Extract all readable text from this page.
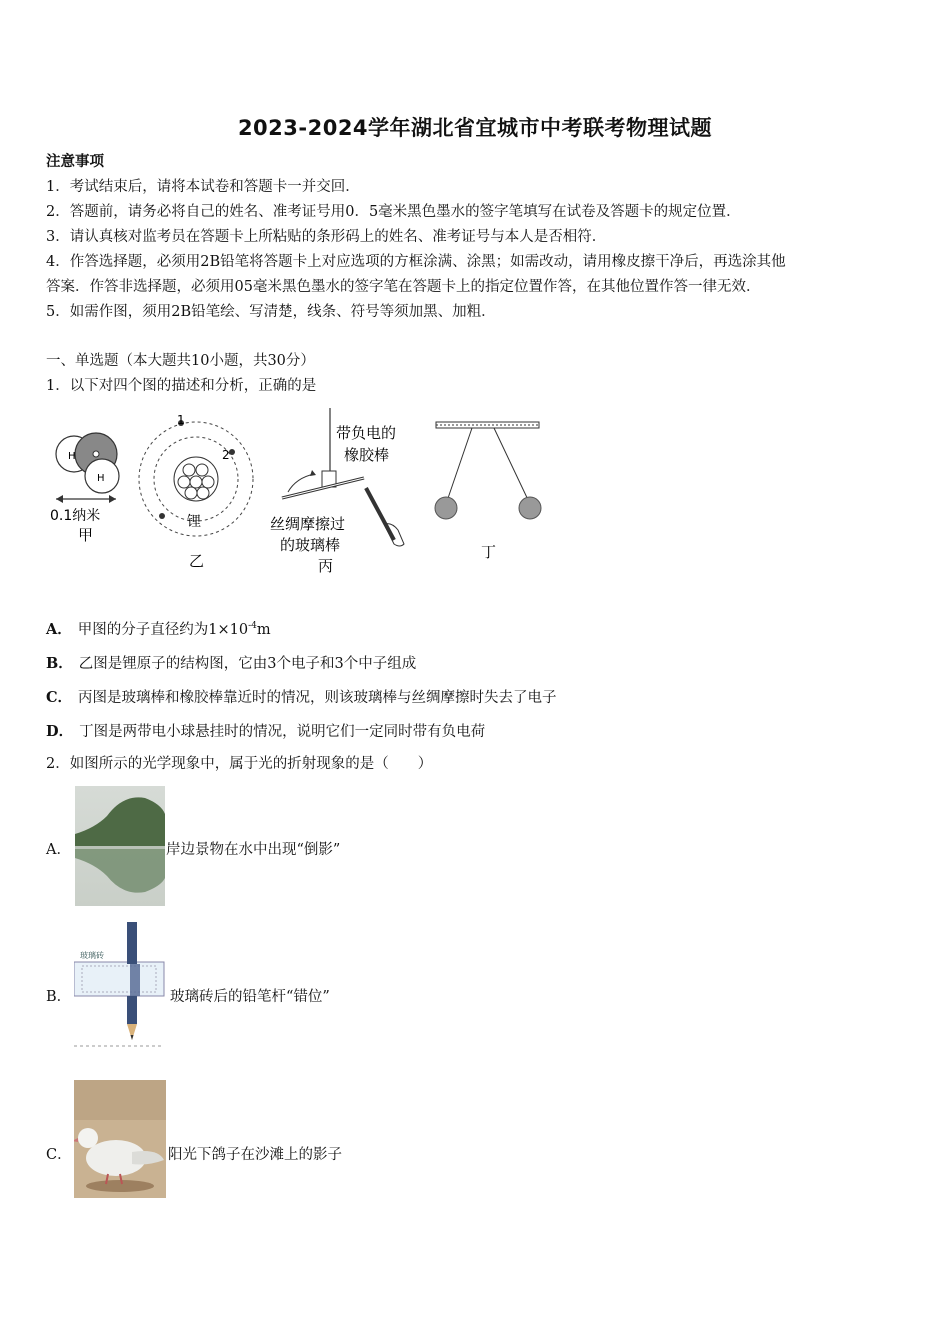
2023-2024学年湖北省宜城市中考联考物理试题
注意事项
1．考试结束后，请将本试卷和答题卡一并交回．
2．答题前，请务必将自己的姓名、准考证号用0．5毫米黑色墨水的签字笔填写在试卷及答题卡的规定位置．
3．请认真核对监考员在答题卡上所粘贴的条形码上的姓名、准考证号与本人是否相符．
4．作答选择题，必须用2B铅笔将答题卡上对应选项的方框涂满、涂黑；如需改动，请用橡皮擦干净后，再选涂其他
答案．作答非选择题，必须用05毫米黑色墨水的签字笔在答题卡上的指定位置作答，在其他位置作答一律无效．
5．如需作图，须用2B铅笔绘、写清楚，线条、符号等须加黑、加粗．
一、单选题（本大题共10小题，共30分）
1．以下对四个图的描述和分析，正确的是
H
H
0.1纳米
甲
1
2
锂
乙
带负电的
橡胶棒
丝绸摩擦过
的玻璃棒
丙
丁
A． 甲图的分子直径约为$1\times 10^{-4}m$
B． 乙图是锂原子的结构图，它由3个电子和3个中子组成
C． 丙图是玻璃棒和橡胶棒靠近时的情况，则该玻璃棒与丝绸摩擦时失去了电子
D． 丁图是两带电小球悬挂时的情况，说明它们一定同时带有负电荷
2．如图所示的光学现象中，属于光的折射现象的是（　　）
A．	岸边景物在水中出现“倒影”
B．
玻璃砖
玻璃砖后的铅笔杆“错位”
C．	阳光下鸽子在沙滩上的影子
